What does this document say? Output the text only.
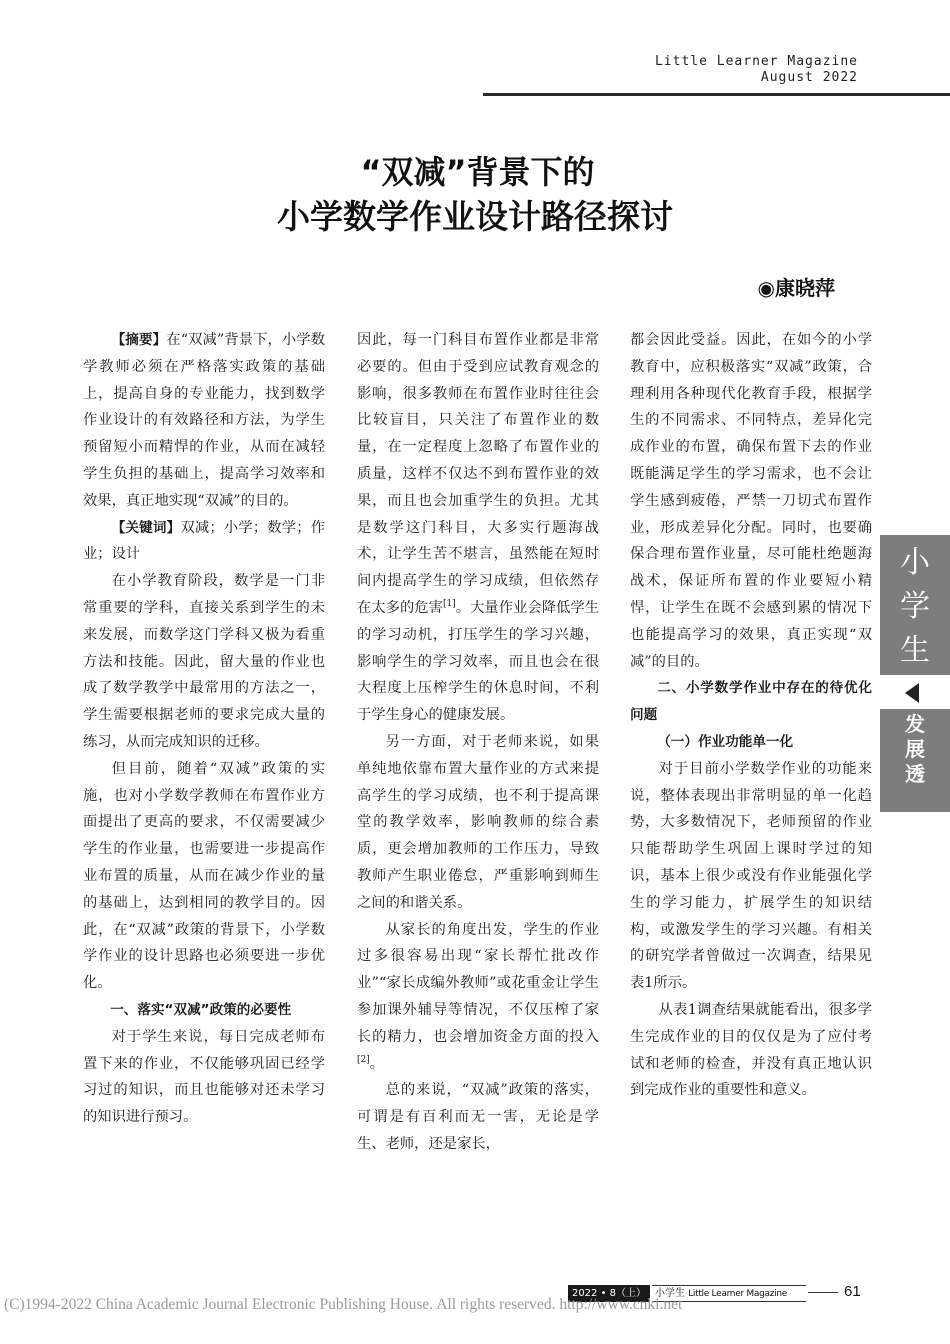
Little Learner Magazine
August 2022
“双减”背景下的
小学数学作业设计路径探讨
◉康晓萍

【摘要】在“双减”背景下，小学数学教师必须在严格落实政策的基础上，提高自身的专业能力，找到数学作业设计的有效路径和方法，为学生预留短小而精悍的作业，从而在减轻学生负担的基础上，提高学习效率和效果，真正地实现“双减”的目的。

【关键词】双减；小学；数学；作业；设计

在小学教育阶段，数学是一门非常重要的学科，直接关系到学生的未来发展，而数学这门学科又极为看重方法和技能。因此，留大量的作业也成了数学教学中最常用的方法之一，学生需要根据老师的要求完成大量的练习，从而完成知识的迁移。

但目前，随着“双减”政策的实施，也对小学数学教师在布置作业方面提出了更高的要求，不仅需要减少学生的作业量，也需要进一步提高作业布置的质量，从而在减少作业的量的基础上，达到相同的教学目的。因此，在“双减”政策的背景下，小学数学作业的设计思路也必须要进一步优化。

一、落实“双减”政策的必要性

对于学生来说，每日完成老师布置下来的作业，不仅能够巩固已经学习过的知识，而且也能够对还未学习的知识进行预习。

因此，每一门科目布置作业都是非常必要的。但由于受到应试教育观念的影响，很多教师在布置作业时往往会比较盲目，只关注了布置作业的数量，在一定程度上忽略了布置作业的质量，这样不仅达不到布置作业的效果，而且也会加重学生的负担。尤其是数学这门科目，大多实行题海战术，让学生苦不堪言，虽然能在短时间内提高学生的学习成绩，但依然存在太多的危害[1]。大量作业会降低学生的学习动机，打压学生的学习兴趣，影响学生的学习效率，而且也会在很大程度上压榨学生的休息时间，不利于学生身心的健康发展。

另一方面，对于老师来说，如果单纯地依靠布置大量作业的方式来提高学生的学习成绩，也不利于提高课堂的教学效率，影响教师的综合素质，更会增加教师的工作压力，导致教师产生职业倦怠，严重影响到师生之间的和谐关系。

从家长的角度出发，学生的作业过多很容易出现“家长帮忙批改作业”“家长成编外教师”或花重金让学生参加课外辅导等情况，不仅压榨了家长的精力，也会增加资金方面的投入[2]。

总的来说，“双减”政策的落实，可谓是有百利而无一害，无论是学生、老师，还是家长，

都会因此受益。因此，在如今的小学教育中，应积极落实“双减”政策，合理利用各种现代化教育手段，根据学生的不同需求、不同特点，差异化完成作业的布置，确保布置下去的作业既能满足学生的学习需求，也不会让学生感到疲倦，严禁一刀切式布置作业，形成差异化分配。同时，也要确保合理布置作业量，尽可能杜绝题海战术，保证所布置的作业要短小精悍，让学生在既不会感到累的情况下也能提高学习的效果，真正实现“双减”的目的。

二、小学数学作业中存在的待优化问题

（一）作业功能单一化

对于目前小学数学作业的功能来说，整体表现出非常明显的单一化趋势，大多数情况下，老师预留的作业只能帮助学生巩固上课时学过的知识，基本上很少或没有作业能强化学生的学习能力，扩展学生的知识结构，或激发学生的学习兴趣。有相关的研究学者曾做过一次调查，结果见表1所示。

从表1调查结果就能看出，很多学生完成作业的目的仅仅是为了应付考试和老师的检查，并没有真正地认识到完成作业的重要性和意义。

小学生
发展透
2022 • 8（上） 小学生 Little Learner Magazine	61
(C)1994-2022 China Academic Journal Electronic Publishing House. All rights reserved. http://www.cnki.net
